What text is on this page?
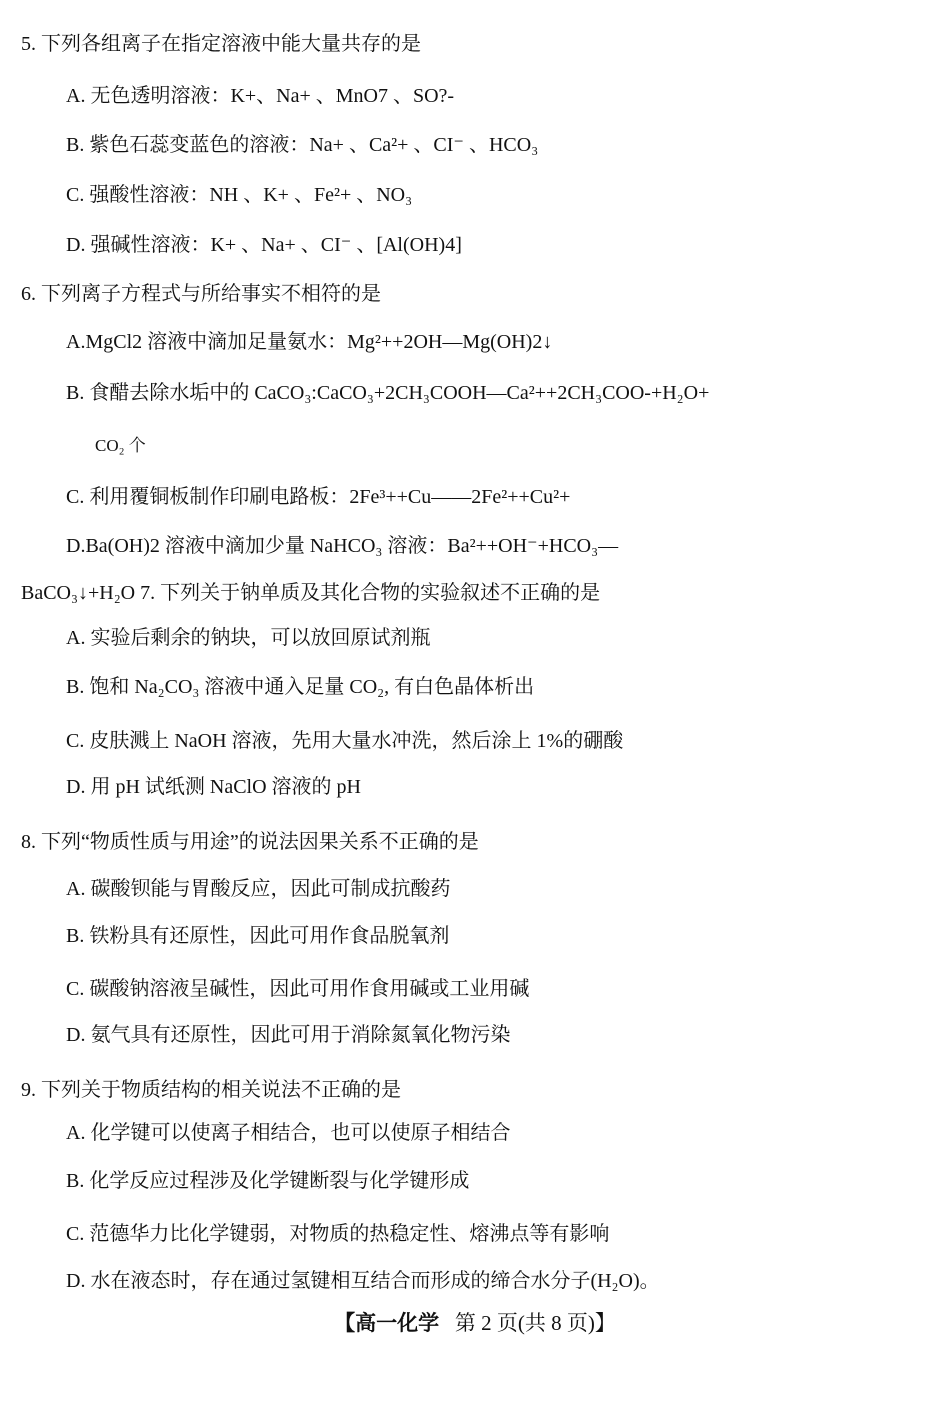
5. 下列各组离子在指定溶液中能大量共存的是
A. 无色透明溶液：K+、Na+ 、MnO7 、SO?-
B. 紫色石蕊变蓝色的溶液：Na+ 、Ca²+ 、CI⁻ 、HCO₃
C. 强酸性溶液：NH 、K+ 、Fe²+ 、NO₃
D. 强碱性溶液：K+ 、Na+ 、CI⁻ 、[Al(OH)4]
6. 下列离子方程式与所给事实不相符的是
A.MgCl2 溶液中滴加足量氨水：Mg²++2OH—Mg(OH)2↓
B. 食醋去除水垢中的 CaCO₃:CaCO₃+2CH₃COOH—Ca²++2CH₃COO-+H₂O+
CO₂ 个
C. 利用覆铜板制作印刷电路板：2Fe³++Cu——2Fe²++Cu²+
D.Ba(OH)2 溶液中滴加少量 NaHCO₃ 溶液：Ba²++OH⁻+HCO₃—
BaCO₃↓+H₂O 7. 下列关于钠单质及其化合物的实验叙述不正确的是
A. 实验后剩余的钠块，可以放回原试剂瓶
B. 饱和 Na₂CO₃ 溶液中通入足量 CO₂, 有白色晶体析出
C. 皮肤溅上 NaOH 溶液，先用大量水冲洗，然后涂上 1%的硼酸
D. 用 pH 试纸测 NaClO 溶液的 pH
8. 下列“物质性质与用途”的说法因果关系不正确的是
A. 碳酸钡能与胃酸反应，因此可制成抗酸药
B. 铁粉具有还原性，因此可用作食品脱氧剂
C. 碳酸钠溶液呈碱性，因此可用作食用碱或工业用碱
D. 氨气具有还原性，因此可用于消除氮氧化物污染
9. 下列关于物质结构的相关说法不正确的是
A. 化学键可以使离子相结合，也可以使原子相结合
B. 化学反应过程涉及化学键断裂与化学键形成
C. 范德华力比化学键弱，对物质的热稳定性、熔沸点等有影响
D. 水在液态时，存在通过氢键相互结合而形成的缔合水分子(H₂O)。
【高一化学 第 2 页(共 8 页)】
